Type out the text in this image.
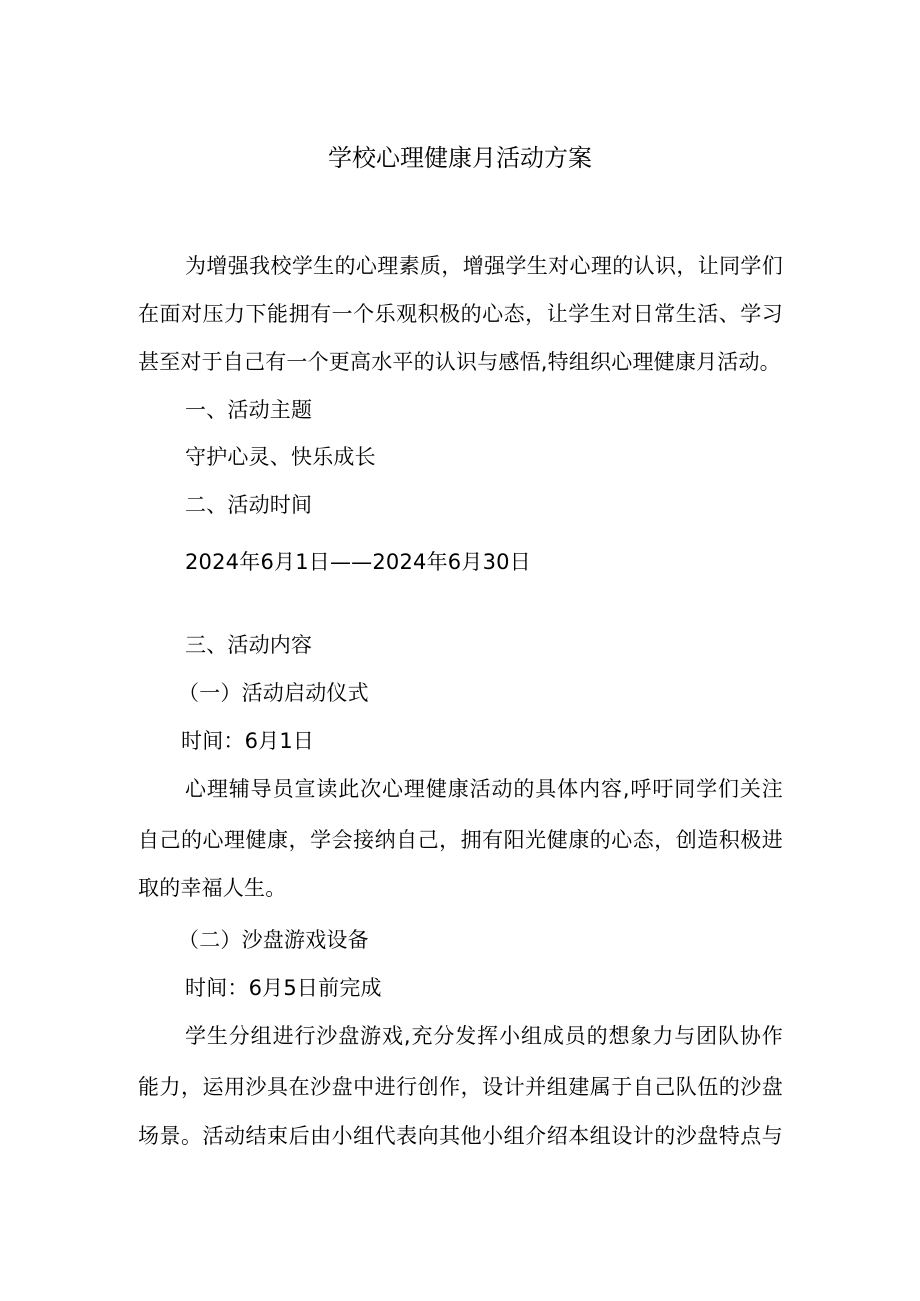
学校心理健康月活动方案
为增强我校学生的心理素质，增强学生对心理的认识，让同学们
在面对压力下能拥有一个乐观积极的心态，让学生对日常生活、学习
甚至对于自己有一个更高水平的认识与感悟,特组织心理健康月活动。
一、活动主题
守护心灵、快乐成长
二、活动时间
2024年6月1日——2024年6月30日
三、活动内容
（一）活动启动仪式
时间：6月1日
心理辅导员宣读此次心理健康活动的具体内容,呼吁同学们关注
自己的心理健康，学会接纳自己，拥有阳光健康的心态，创造积极进
取的幸福人生。
（二）沙盘游戏设备
时间：6月5日前完成
学生分组进行沙盘游戏,充分发挥小组成员的想象力与团队协作
能力，运用沙具在沙盘中进行创作，设计并组建属于自己队伍的沙盘
场景。活动结束后由小组代表向其他小组介绍本组设计的沙盘特点与
